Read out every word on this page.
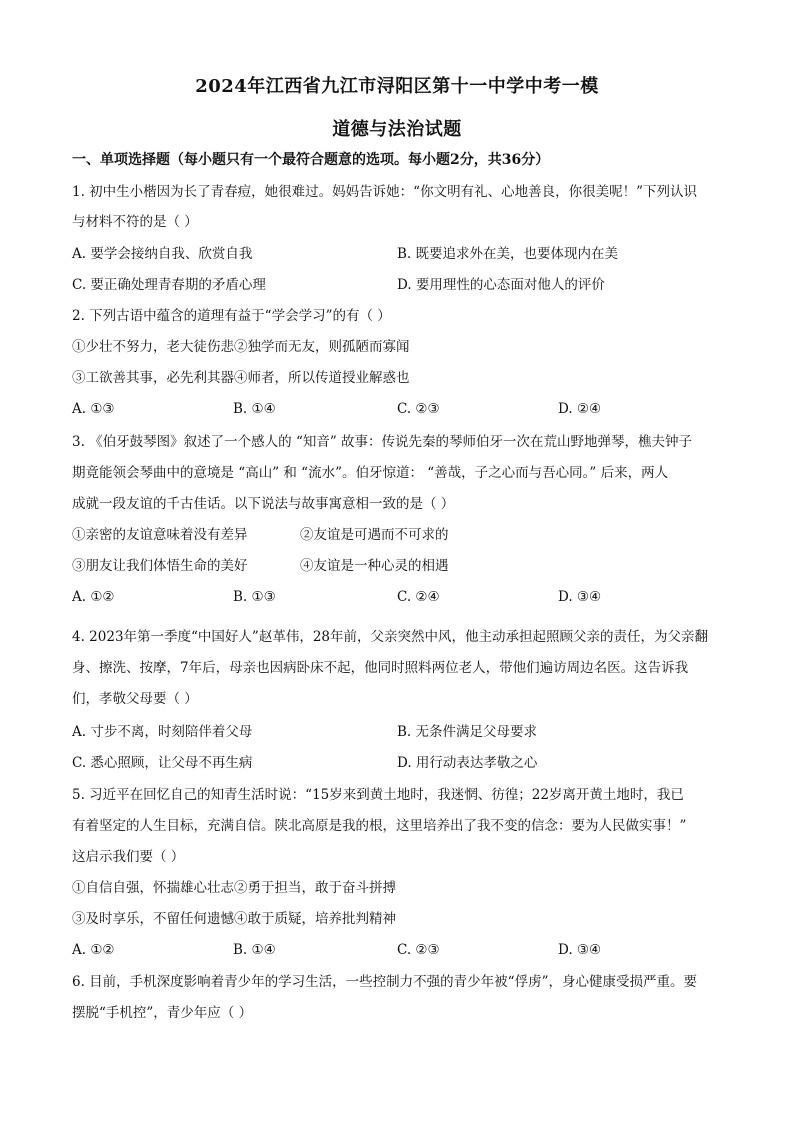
2024年江西省九江市浔阳区第十一中学中考一模
道德与法治试题
一、单项选择题（每小题只有一个最符合题意的选项。每小题2分，共36分）
1. 初中生小楷因为长了青春痘，她很难过。妈妈告诉她：“你文明有礼、心地善良，你很美呢！”下列认识
与材料不符的是（ ）
A. 要学会接纳自我、欣赏自我	B. 既要追求外在美，也要体现内在美
C. 要正确处理青春期的矛盾心理	D. 要用理性的心态面对他人的评价
2. 下列古语中蕴含的道理有益于“学会学习”的有（ ）
①少壮不努力，老大徒伤悲②独学而无友，则孤陋而寡闻
③工欲善其事，必先利其器④师者，所以传道授业解惑也
A. ①③	B. ①④	C. ②③	D. ②④
3. 《伯牙鼓琴图》叙述了一个感人的 “知音” 故事：传说先秦的琴师伯牙一次在荒山野地弹琴，樵夫钟子
期竟能领会琴曲中的意境是 “高山” 和 “流水”。伯牙惊道： “善哉，子之心而与吾心同。” 后来，两人
成就一段友谊的千古佳话。以下说法与故事寓意相一致的是（ ）
①亲密的友谊意味着没有差异	②友谊是可遇而不可求的
③朋友让我们体悟生命的美好	④友谊是一种心灵的相遇
A. ①②	B. ①③	C. ②④	D. ③④
4. 2023年第一季度“中国好人”赵革伟，28年前，父亲突然中风，他主动承担起照顾父亲的责任，为父亲翻
身、擦洗、按摩，7年后，母亲也因病卧床不起，他同时照料两位老人，带他们遍访周边名医。这告诉我
们，孝敬父母要（ ）
A. 寸步不离，时刻陪伴着父母	B. 无条件满足父母要求
C. 悉心照顾，让父母不再生病	D. 用行动表达孝敬之心
5. 习近平在回忆自己的知青生活时说：“15岁来到黄土地时，我迷惘、彷徨；22岁离开黄土地时，我已
有着坚定的人生目标，充满自信。陕北高原是我的根，这里培养出了我不变的信念：要为人民做实事！”
这启示我们要（ ）
①自信自强，怀揣雄心壮志②勇于担当，敢于奋斗拼搏
③及时享乐，不留任何遗憾④敢于质疑，培养批判精神
A. ①②	B. ①④	C. ②③	D. ③④
6. 目前，手机深度影响着青少年的学习生活，一些控制力不强的青少年被“俘虏”，身心健康受损严重。要
摆脱“手机控”，青少年应（ ）
